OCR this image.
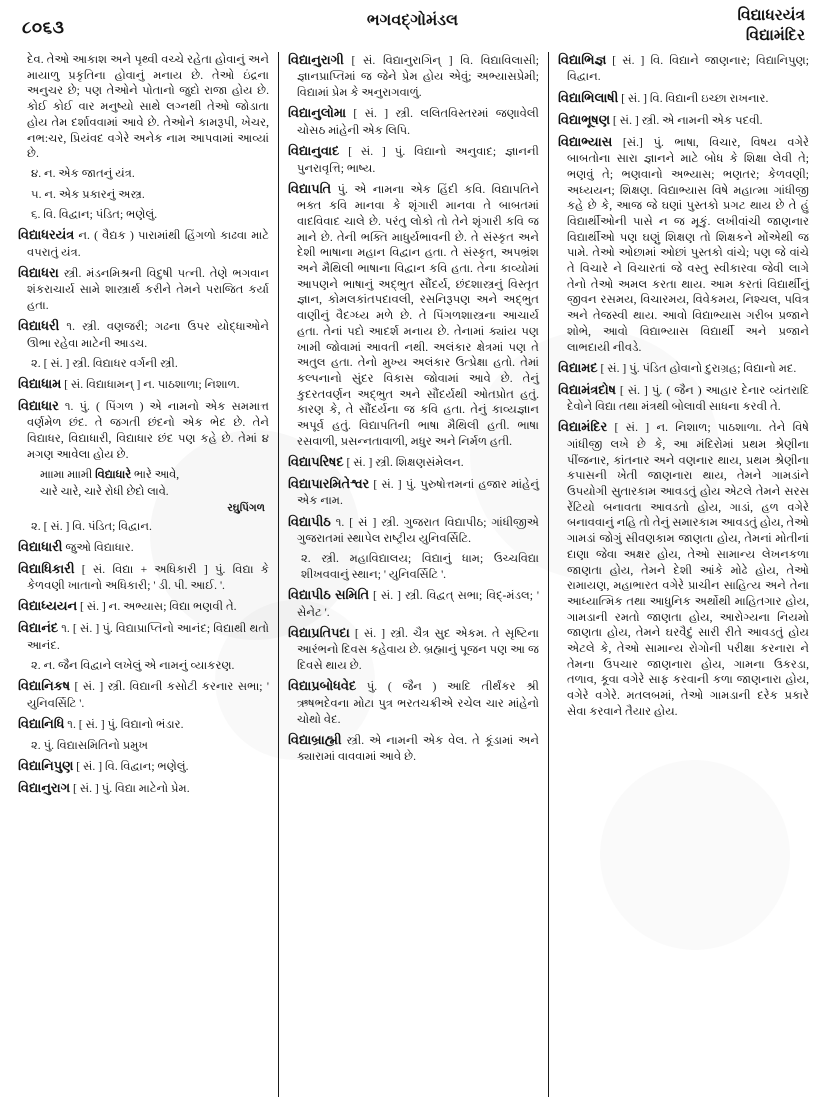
૮૦૬૩	ભગવદ્ગોમંડલ	વિદ્યાધરયંત્ર
વિદ્યામંદિર
દેવ. તેઓ આકાશ અને પૃથ્વી વચ્ચે રહેતા હોવાનું અને માયાળુ પ્રકૃતિના હોવાનું મનાય છે. તેઓ ઇંદ્રના અનુચર છે; પણ તેઓને પોતાનો જુદો રાજા હોય છે. કોઈ કોઈ વાર મનુષ્યો સાથે લગ્નથી તેઓ જોડાતા હોય તેમ દર્શાવવામાં આવે છે. તેઓને કામરૂપી, ખેચર, નભ:ચર, પ્રિયંવદ વગેરે અનેક નામ આપવામાં આવ્યાં છે.
૪. ન. એક જાતનું યંત્ર.
૫. ન. એક પ્રકારનું અસ્ત્ર.
૬. વિ. વિદ્વાન; પંડિત; ભણેલું.
વિદ્યાધરયંત્ર ન. ( વૈદ્યક ) પારામાંથી હિંગળો કાઢવા માટે વપરાતું યંત્ર.
વિદ્યાધરા સ્ત્રી. મંડનમિશ્રની વિદુષી પત્ની. તેણે ભગવાન શંકરાચાર્ય સામે શાસ્ત્રાર્થ કરીને તેમને પરાજિત કર્યા હતા.
વિદ્યાધરી ૧. સ્ત્રી. વણજરી; ગઢના ઉપર યોદ્ધાઓને ઊભા રહેવા માટેની આડચ.
૨. [ સં. ] સ્ત્રી. વિદ્યાધર વર્ગની સ્ત્રી.
વિદ્યાધામ [ સં. વિદ્યાધામન્ ] ન. પાઠશાળા; નિશાળ.
વિદ્યાધાર ૧. પું. ( પિંગળ ) એ નામનો એક સમમાત્ત વર્ણમેળ છંદ. તે જગતી છંદનો એક ભેદ છે. તેને વિદ્યાધર, વિદ્યાધારી, વિદ્યાધાર છંદ પણ કહે છે. તેમાં ૪ મગણ આવેલા હોય છે.
માામા માામી વિદ્યાધારે ભારે આવે,
ચારે ચારે, ચારે રોધી છેદો લાવે.
રઘુપિંગળ
૨. [ સં. ] વિ. પંડિત; વિદ્વાન.
વિદ્યાધારી જુઓ વિદ્યાધાર.
વિદ્યાધિકારી [ સં. વિદ્યા + અધિકારી ] પું. વિદ્યા કે કેળવણી ખાતાનો અધિકારી; ' ડી. પી. આઈ. '.
વિદ્યાધ્યયન [ સં. ] ન. અભ્યાસ; વિદ્યા ભણવી તે.
વિદ્યાનંદ ૧. [ સં. ] પું. વિદ્યાપ્રાપ્તિનો આનંદ; વિદ્યાથી થતો આનંદ.
૨. ન. જૈન વિદ્વાને લખેલું એ નામનું વ્યાકરણ.
વિદ્યાનિકષ [ સં. ] સ્ત્રી. વિદ્યાની કસોટી કરનાર સભા; ' યુનિવર્સિટિ '.
વિદ્યાનિધિ ૧. [ સં. ] પું. વિદ્યાનો ભંડાર.
૨. પું. વિદ્યાસમિતિનો પ્રમુખ
વિદ્યાનિપુણ [ સં. ] વિ. વિદ્વાન; ભણેલું.
વિદ્યાનુરાગ [ સં. ] પું. વિદ્યા માટેનો પ્રેમ.
વિદ્યાનુરાગી [ સં. વિદ્યાનુરાગિન્ ] વિ. વિદ્યાવિલાસી; જ્ઞાનપ્રાપ્તિમાં જ જેને પ્રેમ હોય એવું; અભ્યાસપ્રેમી; વિદ્યામાં પ્રેમ કે અનુરાગવાળું.
વિદ્યાનુલોમા [ સં. ] સ્ત્રી. લલિતવિસ્તરમાં જણાવેલી ચોસઠ માંહેની એક લિપિ.
વિદ્યાનુવાદ [ સં. ] પું. વિદ્યાનો અનુવાદ; જ્ઞાનની પુનરાવૃત્તિ; ભાષ્ય.
વિદ્યાપતિ પું. એ નામના એક હિંદી કવિ. વિદ્યાપતિને ભક્ત કવિ માનવા કે શૃંગારી માનવા તે બાબતમાં વાદવિવાદ ચાલે છે. પરંતુ લોકો તો તેને શૃંગારી કવિ જ માને છે. તેની ભક્તિ માધુર્યભાવની છે. તે સંસ્કૃત અને દેશી ભાષાના મહાન વિદ્વાન હતા. તે સંસ્કૃત, અપભ્રંશ અને મૈથિલી ભાષાના વિદ્વાન કવિ હતા. તેના કાવ્યોમાં આપણને ભાષાનું અદ્ભુત સૌંદર્ય, છંદશાસ્ત્રનું વિસ્તૃત જ્ઞાન, કોમલકાંતપદાવલી, રસનિરૂપણ અને અદ્ભુત વાણીનું વૈદગ્ધ્ય મળે છે. તે પિંગળશાસ્ત્રના આચાર્ય હતા. તેનાં પદો આદર્શ મનાય છે. તેનામાં ક્યાંય પણ ખામી જોવામાં આવતી નથી. અલંકાર ક્ષેત્રમાં પણ તે અતુલ હતા. તેનો મુખ્ય અલંકાર ઉત્પ્રેક્ષા હતો. તેમાં કલ્પનાનો સુંદર વિકાસ જોવામાં આવે છે. તેનું કુદરતવર્ણન અદ્ભુત અને સૌંદર્યથી ઓતપ્રોત હતું. કારણ કે, તે સૌંદર્યના જ કવિ હતા. તેનું કાવ્યજ્ઞાન અપૂર્વ હતું. વિદ્યાપતિની ભાષા મૈથિલી હતી. ભાષા રસવાળી, પ્રસન્નતાવાળી, મધુર અને નિર્મળ હતી.
વિદ્યાપરિષદ [ સં. ] સ્ત્રી. શિક્ષણસંમેલન.
વિદ્યાપારમિતેશ્વર [ સં. ] પું. પુરુષોત્તમનાં હજાર માંહેનું એક નામ.
વિદ્યાપીઠ ૧. [ સં ] સ્ત્રી. ગુજરાત વિદ્યાપીઠ; ગાંધીજીએ ગુજરાતમાં સ્થાપેલ રાષ્ટ્રીય યુનિવર્સિટિ.
૨. સ્ત્રી. મહાવિદ્યાલય; વિદ્યાનું ધામ; ઉચ્ચવિદ્યા શીખવવાનું સ્થાન; ' યુનિવર્સિટિ '.
વિદ્યાપીઠ સમિતિ [ સં. ] સ્ત્રી. વિદ્વત્ સભા; વિદ્-મંડલ; ' સેનેટ '.
વિદ્યાપ્રતિપદા [ સં. ] સ્ત્રી. ચૈત્ર સુદ એકમ. તે સૃષ્ટિના આરંભનો દિવસ કહેવાય છે. બ્રહ્માનું પૂજન પણ આ જ દિવસે થાય છે.
વિદ્યાપ્રબોધવેદ પું. ( જૈન ) આદિ તીર્થંકર શ્રી ઋષભદેવના મોટા પુત્ર ભરતચક્રીએ રચેલ ચાર માંહેનો ચોથો વેદ.
વિદ્યાબ્રાહ્મી સ્ત્રી. એ નામની એક વેલ. તે કૂંડામાં અને ક્યારામાં વાવવામાં આવે છે.
વિદ્યાભિજ્ઞ [ સં. ] વિ. વિદ્યાને જાણનાર; વિદ્યાનિપુણ; વિદ્વાન.
વિદ્યાભિલાષી [ સં. ] વિ. વિદ્યાની ઇચ્છા રાખનાર.
વિદ્યાભૂષણ [ સં. ] સ્ત્રી. એ નામની એક પદવી.
વિદ્યાભ્યાસ [સં.] પું. ભાષા, વિચાર, વિષય વગેરે બાબતોના સારા જ્ઞાનને માટે બોધ કે શિક્ષા લેવી તે; ભણવું તે; ભણવાનો અભ્યાસ; ભણતર; કેળવણી; અધ્યયન; શિક્ષણ. વિદ્યાભ્યાસ વિષે મહાત્મા ગાંધીજી કહે છે કે, આજ જે ઘણાં પુસ્તકો પ્રગટ થાય છે તે હું વિદ્યાર્થીઓની પાસે ન જ મૂકું. લખીવાંચી જાણનાર વિદ્યાર્થીઓ પણ ઘણું શિક્ષણ તો શિક્ષકને મોંએથી જ પામે. તેઓ ઓછામાં ઓછાં પુસ્તકો વાંચે; પણ જે વાંચે તે વિચારે ને વિચારતાં જે વસ્તુ સ્વીકારવા જેવી લાગે તેનો તેઓ અમલ કરતા થાય. આમ કરતાં વિદ્યાર્થીનું જીવન રસમય, વિચારમય, વિવેકમય, નિશ્ચલ, પવિત્ર અને તેજસ્વી થાય. આવો વિદ્યાભ્યાસ ગરીબ પ્રજાને શોભે, આવો વિદ્યાભ્યાસ વિદ્યાર્થી અને પ્રજાને લાભદાયી નીવડે.
વિદ્યામદ [ સં. ] પું. પંડિત હોવાનો દુરાગ્રહ; વિદ્યાનો મદ.
વિદ્યામંત્રદોષ [ સં. ] પું. ( જૈન ) આહાર દેનાર વ્યંતરાદિ દેવોને વિદ્યા તથા મંત્રથી બોલાવી સાધના કરવી તે.
વિદ્યામંદિર [ સં. ] ન. નિશાળ; પાઠશાળા. તેને વિષે ગાંધીજી લખે છે કે, આ મંદિરોમાં પ્રથમ શ્રેણીના પીંજનાર, કાંતનાર અને વણનાર થાય, પ્રથમ શ્રેણીના કપાસની ખેતી જાણનારા થાય, તેમને ગામડાંને ઉપયોગી સુતારકામ આવડતું હોય એટલે તેમને સરસ રેંટિયો બનાવતા આવડતો હોય, ગાડાં, હળ વગેરે બનાવવાનું નહિ તો તેનું સમારકામ આવડતું હોય, તેઓ ગામડાં જોગું સીવણકામ જાણતા હોય, તેમનાં મોતીનાં દાણા જેવા અક્ષર હોય, તેઓ સામાન્ય લેખનકળા જાણતા હોય, તેમને દેશી આંકે મોઢે હોય, તેઓ રામાયણ, મહાભારત વગેરે પ્રાચીન સાહિત્ય અને તેના આધ્યાત્મિક તથા આધુનિક અર્થોથી માહિતગાર હોય, ગામડાની રમતો જાણતા હોય, આરોગ્યના નિયમો જાણતા હોય, તેમને ઘરવૈદું સારી રીતે આવડતું હોય એટલે કે, તેઓ સામાન્ય રોગોની પરીક્ષા કરનારા ને તેમના ઉપચાર જાણનારા હોય, ગામના ઉકરડા, તળાવ, કૂવા વગેરે સાફ કરવાની કળા જાણનારા હોય, વગેરે વગેરે. મતલબમાં, તેઓ ગામડાની દરેક પ્રકારે સેવા કરવાને તૈયાર હોય.
